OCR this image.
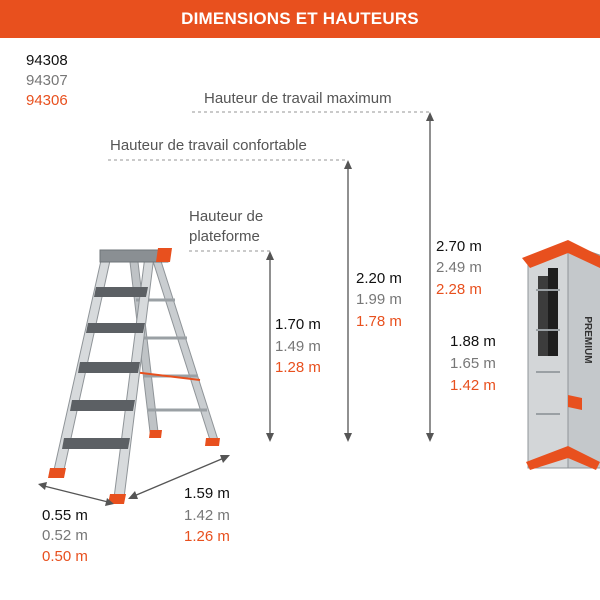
DIMENSIONS ET HAUTEURS
94308
94307
94306	Hauteur de travail maximum
Hauteur de travail confortable
Hauteur de
plateforme
PREMIUM
2.70 m
2.49 m
2.28 m
1.88 m
1.65 m
1.42 m
2.20 m
1.99 m
1.78 m
1.70 m
1.49 m
1.28 m
1.59 m
1.42 m
1.26 m
0.55 m
0.52 m
0.50 m
